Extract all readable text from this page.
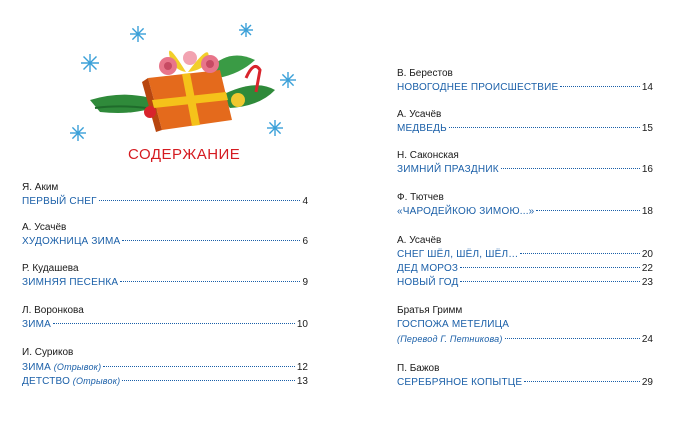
СОДЕРЖАНИЕ
Я. Аким
ПЕРВЫЙ СНЕГ	4
А. Усачёв
ХУДОЖНИЦА ЗИМА	6
Р. Кудашева
ЗИМНЯЯ ПЕСЕНКА	9
Л. Воронкова
ЗИМА	10
И. Суриков
ЗИМА (Отрывок)	12
ДЕТСТВО (Отрывок)	13
В. Берестов
НОВОГОДНЕЕ ПРОИСШЕСТВИЕ	14
А. Усачёв
МЕДВЕДЬ	15
Н. Саконская
ЗИМНИЙ ПРАЗДНИК	16
Ф. Тютчев
«ЧАРОДЕЙКОЮ ЗИМОЮ...»	18
А. Усачёв
СНЕГ ШЁЛ, ШЁЛ, ШЁЛ…	20
ДЕД МОРОЗ	22
НОВЫЙ ГОД	23
Братья Гримм
ГОСПОЖА МЕТЕЛИЦА
(Перевод Г. Петникова)	24
П. Бажов
СЕРЕБРЯНОЕ КОПЫТЦЕ	29
